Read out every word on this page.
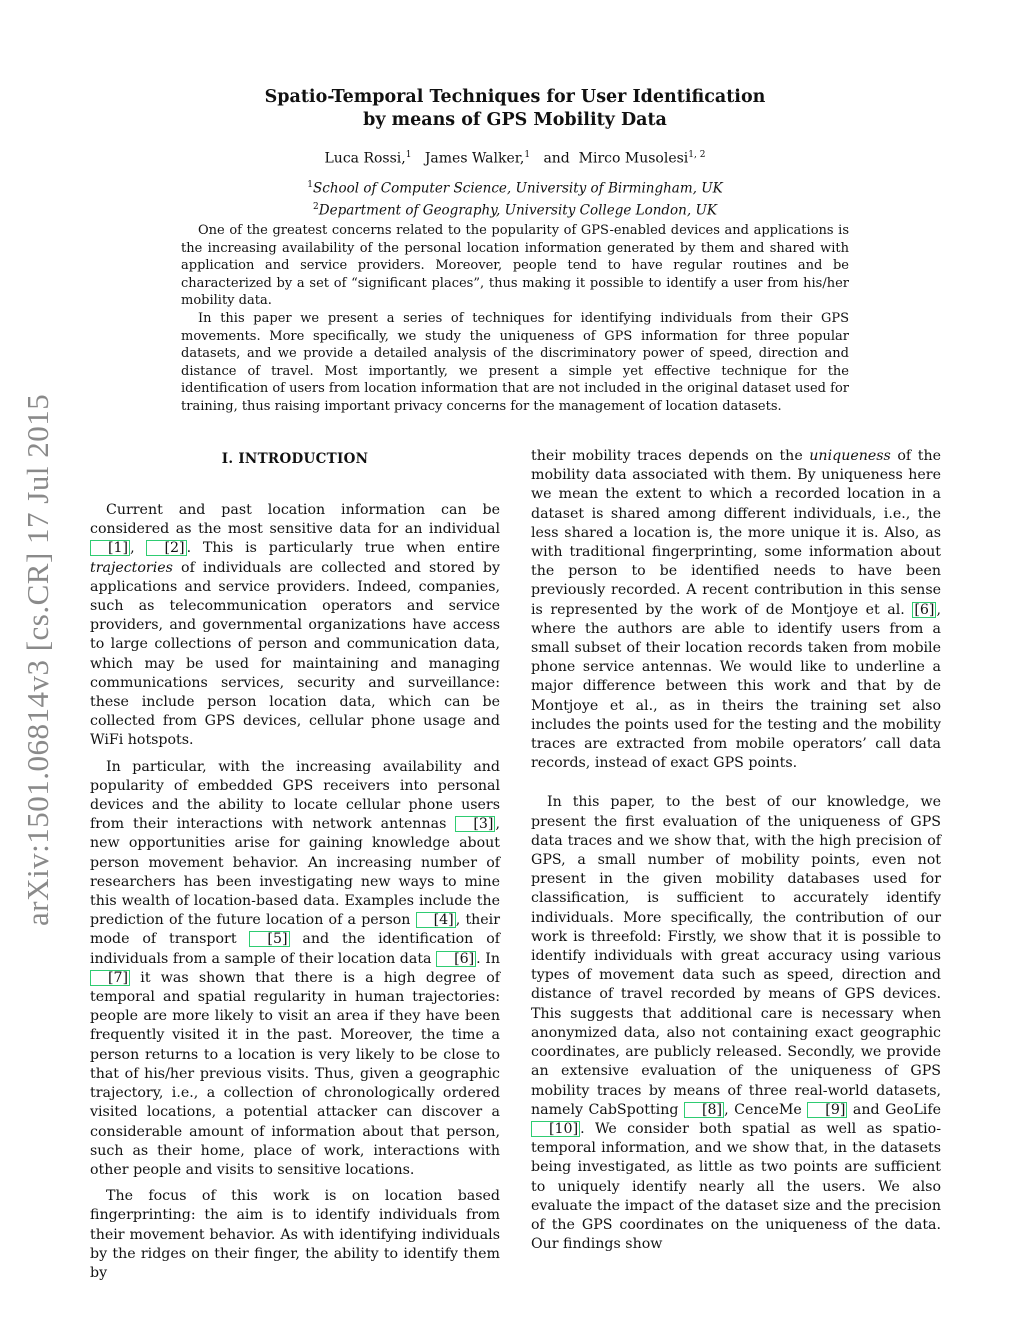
arXiv:1501.06814v3 [cs.CR] 17 Jul 2015
Spatio-Temporal Techniques for User Identification
by means of GPS Mobility Data
Luca Rossi,$^1$ James Walker,$^1$ and Mirco Musolesi$^{1, 2}$
$^1$School of Computer Science, University of Birmingham, UK
$^2$Department of Geography, University College London, UK

One of the greatest concerns related to the popularity of GPS-enabled devices and applications is the increasing availability of the personal location information generated by them and shared with application and service providers. Moreover, people tend to have regular routines and be characterized by a set of “significant places”, thus making it possible to identify a user from his/her mobility data.

In this paper we present a series of techniques for identifying individuals from their GPS movements. More specifically, we study the uniqueness of GPS information for three popular datasets, and we provide a detailed analysis of the discriminatory power of speed, direction and distance of travel. Most importantly, we present a simple yet effective technique for the identification of users from location information that are not included in the original dataset used for training, thus raising important privacy concerns for the management of location datasets.

I. INTRODUCTION

Current and past location information can be considered as the most sensitive data for an individual [1] , [2] . This is particularly true when entire trajectories of individuals are collected and stored by applications and service providers. Indeed, companies, such as telecommunication operators and service providers, and governmental organizations have access to large collections of person and communication data, which may be used for maintaining and managing communications services, security and surveillance: these include person location data, which can be collected from GPS devices, cellular phone usage and WiFi hotspots.

In particular, with the increasing availability and popularity of embedded GPS receivers into personal devices and the ability to locate cellular phone users from their interactions with network antennas [3] , new opportunities arise for gaining knowledge about person movement behavior. An increasing number of researchers has been investigating new ways to mine this wealth of location-based data. Examples include the prediction of the future location of a person [4] , their mode of transport [5] and the identification of individuals from a sample of their location data [6] . In [7] it was shown that there is a high degree of temporal and spatial regularity in human trajectories: people are more likely to visit an area if they have been frequently visited it in the past. Moreover, the time a person returns to a location is very likely to be close to that of his/her previous visits. Thus, given a geographic trajectory, i.e., a collection of chronologically ordered visited locations, a potential attacker can discover a considerable amount of information about that person, such as their home, place of work, interactions with other people and visits to sensitive locations.

The focus of this work is on location based fingerprinting: the aim is to identify individuals from their movement behavior. As with identifying individuals by the ridges on their finger, the ability to identify them by

their mobility traces depends on the uniqueness of the mobility data associated with them. By uniqueness here we mean the extent to which a recorded location in a dataset is shared among different individuals, i.e., the less shared a location is, the more unique it is. Also, as with traditional fingerprinting, some information about the person to be identified needs to have been previously recorded. A recent contribution in this sense is represented by the work of de Montjoye et al. [6] , where the authors are able to identify users from a small subset of their location records taken from mobile phone service antennas. We would like to underline a major difference between this work and that by de Montjoye et al., as in theirs the training set also includes the points used for the testing and the mobility traces are extracted from mobile operators’ call data records, instead of exact GPS points.

In this paper, to the best of our knowledge, we present the first evaluation of the uniqueness of GPS data traces and we show that, with the high precision of GPS, a small number of mobility points, even not present in the given mobility databases used for classification, is sufficient to accurately identify individuals. More specifically, the contribution of our work is threefold: Firstly, we show that it is possible to identify individuals with great accuracy using various types of movement data such as speed, direction and distance of travel recorded by means of GPS devices. This suggests that additional care is necessary when anonymized data, also not containing exact geographic coordinates, are publicly released. Secondly, we provide an extensive evaluation of the uniqueness of GPS mobility traces by means of three real-world datasets, namely CabSpotting [8] , CenceMe [9] and GeoLife [10] . We consider both spatial as well as spatio-temporal information, and we show that, in the datasets being investigated, as little as two points are sufficient to uniquely identify nearly all the users. We also evaluate the impact of the dataset size and the precision of the GPS coordinates on the uniqueness of the data. Our findings show
